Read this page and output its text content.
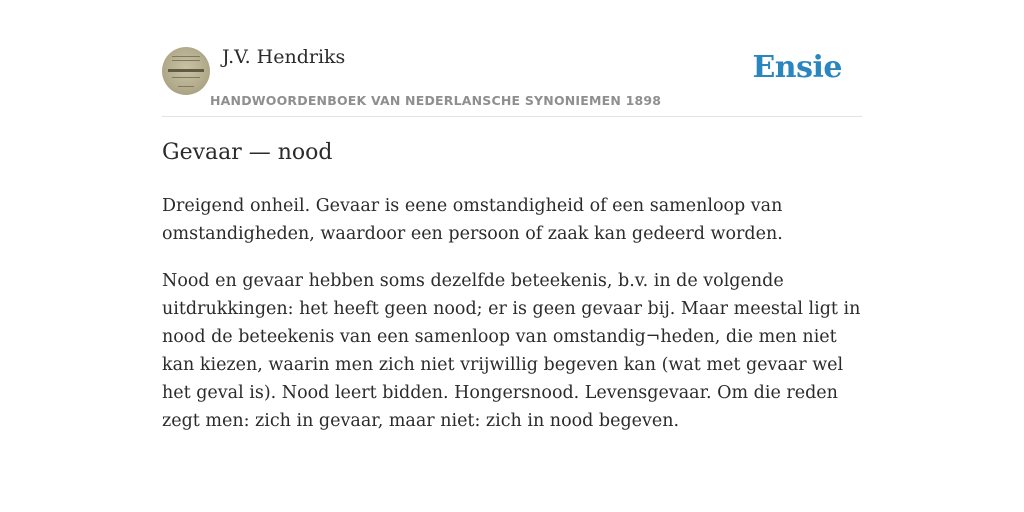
J.V. Hendriks
HANDWOORDENBOEK VAN NEDERLANSCHE SYNONIEMEN 1898
Ensie
Gevaar — nood

Dreigend onheil. Gevaar is eene omstandigheid of een samenloop van omstandigheden, waardoor een persoon of zaak kan gedeerd worden.

Nood en gevaar hebben soms dezelfde beteekenis, b.v. in de volgende uitdrukkingen: het heeft geen nood; er is geen gevaar bij. Maar meestal ligt in nood de beteekenis van een samenloop van omstandig¬heden, die men niet kan kiezen, waarin men zich niet vrijwillig begeven kan (wat met gevaar wel het geval is). Nood leert bidden. Hongersnood. Levensgevaar. Om die reden zegt men: zich in gevaar, maar niet: zich in nood begeven.
